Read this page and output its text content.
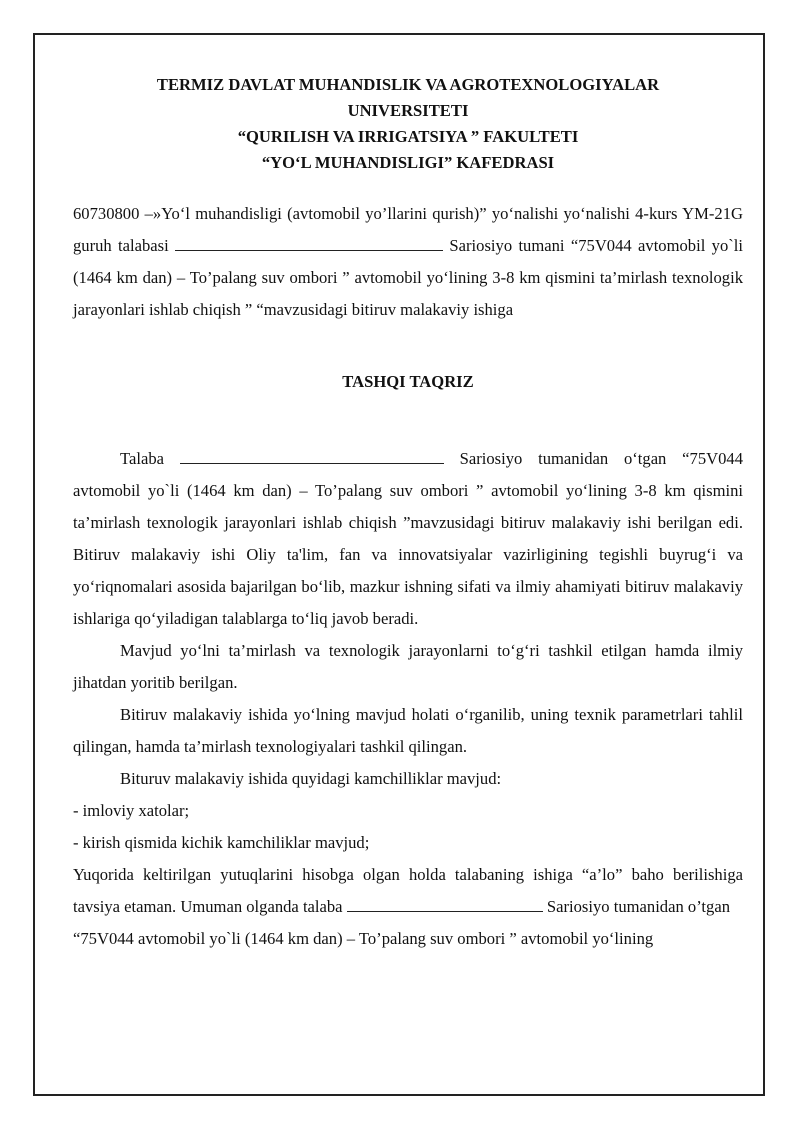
TERMIZ DAVLAT MUHANDISLIK VA AGROTEXNOLOGIYALAR
UNIVERSITETI
“QURILISH VA IRRIGATSIYA ” FAKULTETI
“YO‘L MUHANDISLIGI” KAFEDRASI
60730800 –»Yo‘l muhandisligi (avtomobil yo’llarini qurish)” yo‘nalishi yo‘nalishi 4-kurs YM-21G guruh talabasi	Sariosiyo tumani “75V044 avtomobil yo`li (1464 km dan) – To’palang suv ombori ” avtomobil yo‘lining 3-8 km qismini ta’mirlash texnologik jarayonlari ishlab chiqish ” “mavzusidagi bitiruv malakaviy ishiga
TASHQI TAQRIZ

Talaba	Sariosiyo tumanidan o‘tgan “75V044 avtomobil yo`li (1464 km dan) – To’palang suv ombori ” avtomobil yo‘lining 3-8 km qismini ta’mirlash texnologik jarayonlari ishlab chiqish ”mavzusidagi bitiruv malakaviy ishi berilgan edi. Bitiruv malakaviy ishi Oliy ta'lim, fan va innovatsiyalar vazirligining tegishli buyrug‘i va yo‘riqnomalari asosida bajarilgan bo‘lib, mazkur ishning sifati va ilmiy ahamiyati bitiruv malakaviy ishlariga qo‘yiladigan talablarga to‘liq javob beradi.

Mavjud yo‘lni ta’mirlash va texnologik jarayonlarni to‘g‘ri tashkil etilgan hamda ilmiy jihatdan yoritib berilgan.

Bitiruv malakaviy ishida yo‘lning mavjud holati o‘rganilib, uning texnik parametrlari tahlil qilingan, hamda ta’mirlash texnologiyalari tashkil qilingan.

Bituruv malakaviy ishida quyidagi kamchilliklar mavjud:

- imloviy xatolar;

- kirish qismida kichik kamchiliklar mavjud;

Yuqorida keltirilgan yutuqlarini hisobga olgan holda talabaning ishiga “a’lo” baho berilishiga tavsiya etaman. Umuman olganda talaba	Sariosiyo tumanidan o’tgan

“75V044 avtomobil yo`li (1464 km dan) – To’palang suv ombori ” avtomobil yo‘lining
